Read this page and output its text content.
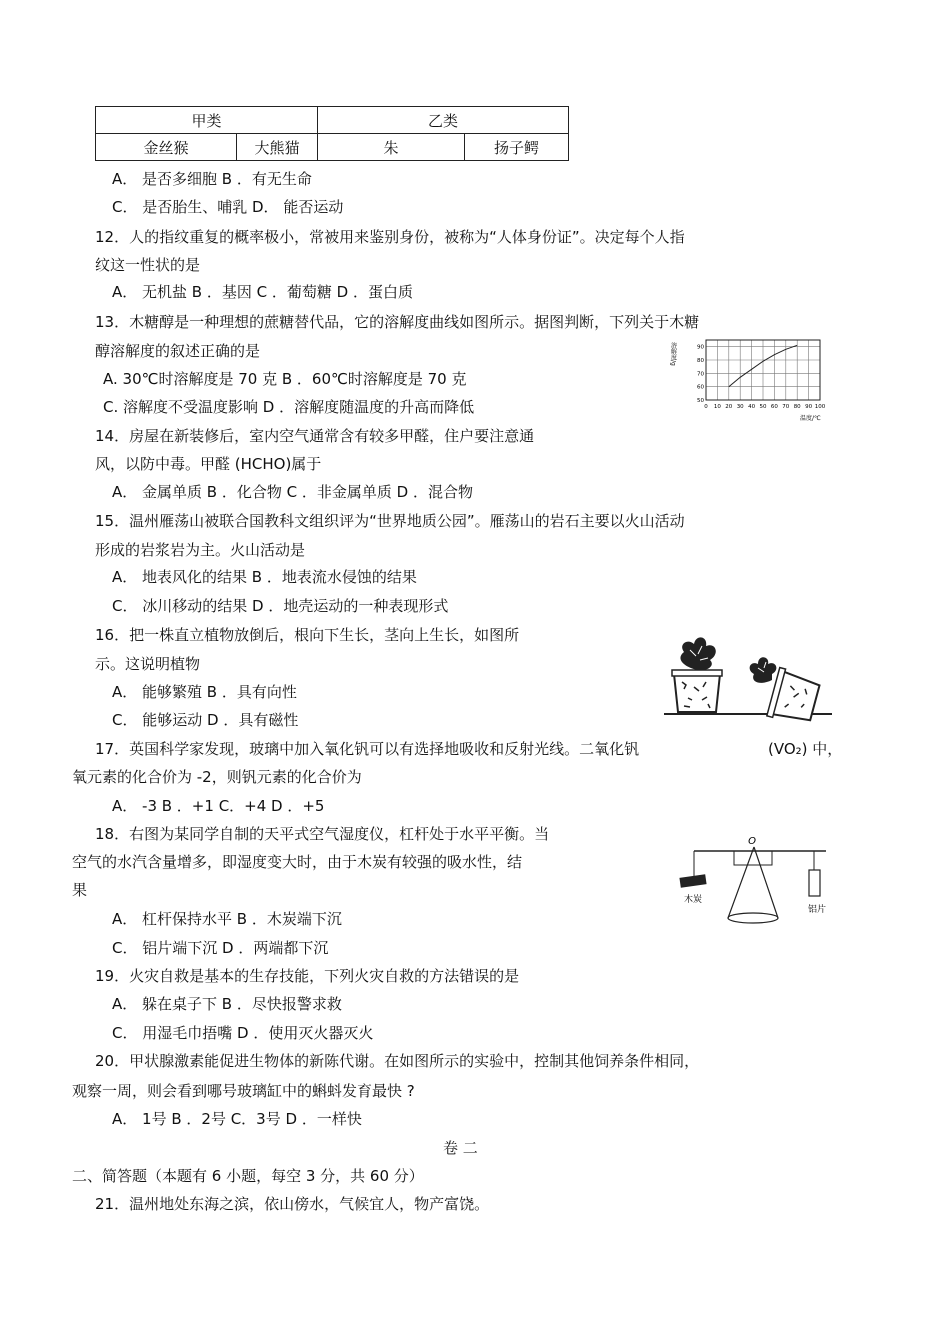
甲类		乙类	
金丝猴	大熊猫	朱	扬子鳄
A． 是否多细胞 B ．有无生命
C． 是否胎生、哺乳 D． 能否运动
12．人的指纹重复的概率极小，常被用来鉴别身份，被称为“人体身份证”。决定每个人指
纹这一性状的是
A． 无机盐 B ．基因 C ．葡萄糖 D ．蛋白质
13．木糖醇是一种理想的蔗糖替代品，它的溶解度曲线如图所示。据图判断，下列关于木糖
醇溶解度的叙述正确的是
A. 30℃时溶解度是 70 克 B ．60℃时溶解度是 70 克
C. 溶解度不受温度影响 D ．溶解度随温度的升高而降低
14．房屋在新装修后，室内空气通常含有较多甲醛，住户要注意通
风，以防中毒。甲醛 (HCHO)属于
A． 金属单质 B ．化合物 C ．非金属单质 D ．混合物
15．温州雁荡山被联合国教科文组织评为“世界地质公园”。雁荡山的岩石主要以火山活动
形成的岩浆岩为主。火山活动是
A． 地表风化的结果 B ．地表流水侵蚀的结果
C． 冰川移动的结果 D ．地壳运动的一种表现形式
16．把一株直立植物放倒后，根向下生长，茎向上生长，如图所
示。这说明植物
A． 能够繁殖 B ．具有向性
C． 能够运动 D ．具有磁性
17．英国科学家发现，玻璃中加入氧化钒可以有选择地吸收和反射光线。二氧化钒	(VO₂) 中，
氧元素的化合价为 -2，则钒元素的化合价为
A． -3 B ．+1 C．+4 D ．+5
18．右图为某同学自制的天平式空气湿度仪，杠杆处于水平平衡。当
空气的水汽含量增多，即湿度变大时，由于木炭有较强的吸水性，结
果
A． 杠杆保持水平 B ．木炭端下沉
C． 铝片端下沉 D ．两端都下沉
19．火灾自救是基本的生存技能，下列火灾自救的方法错误的是
A． 躲在桌子下 B ．尽快报警求救
C． 用湿毛巾捂嘴 D ．使用灭火器灭火
20．甲状腺激素能促进生物体的新陈代谢。在如图所示的实验中，控制其他饲养条件相同，
观察一周，则会看到哪号玻璃缸中的蝌蚪发育最快 ?
A． 1号 B ．2号 C．3号 D ．一样快
卷 二
二、简答题（本题有 6 小题，每空 3 分，共 60 分）
21．温州地处东海之滨，依山傍水，气候宜人，物产富饶。
0 10 20 30 40 50 60 70 80 90 100
50
60
70
80
90
溶解度/g
温度/℃
O
木炭
铝片
